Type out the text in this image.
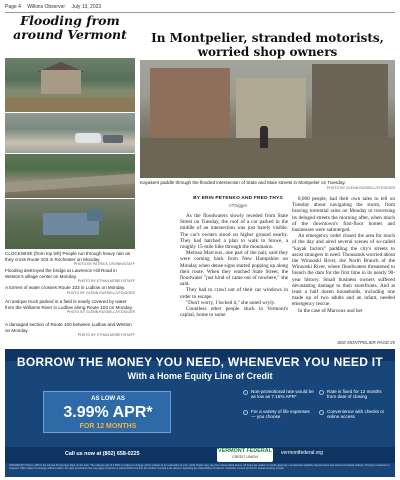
Page 4 Wilkins Observer July 13, 2023
Flooding from around Vermont
CLOCKWISE (from top left) People run through heavy rain as they cross Route 103 in Rochester on Monday.
PHOTO BY PATRICK CRONIN/STAFF
Flooding destroyed the bridge at Lawrence Hill Road in Weston's village center on Monday.
PHOTO BY ETHAN MOREY/STAFF
A torrent of water crosses Route 103 in Ludlow on Monday.
PHOTO BY GLENN RUSSELL/VTDIGGER
An antique truck parked in a field is nearly covered by water from the Williams River in Ludlow along Route 103 on Monday.
PHOTO BY GLENN RUSSELL/VTDIGGER
A damaged section of Route 100 between Ludlow and Weston on Monday.
PHOTO BY ETHAN MOREY/STAFF
In Montpelier, stranded motorists, worried shop owners
Kayakers paddle through the flooded intersection of State and Main streets in Montpelier on Tuesday.
PHOTO BY GLENN RUSSELL/VTDIGGER
BY ERIN PETENKO AND FRED THYS
VTDigger

As the floodwaters slowly receded from State Street on Tuesday, the roof of a car parked in the middle of an intersection was just barely visible. The car's owners stood on higher ground nearby. They had hatched a plan to walk to Stowe, a roughly 15-mile hike through the mountains.

Melissa Marcoux, one part of the pair, said they were coming back from New Hampshire on Monday when dense signs started popping up along their route. When they reached State Street, the floodwater "just kind of came out of nowhere," she said.

They had to crawl out of their car windows in order to escape.

"Don't worry, I locked it," she noted wryly.

Countless other people stuck in Vermont's capital, home to some

8,000 people, had their own tales to tell on Tuesday about navigating the storm, from braving torrential rains on Monday to traversing its deluged streets the morning after, when much of the downtown's first-floor homes and businesses were submerged.

An emergency order closed the area for much of the day and aired several scenes of so-called "kayak factors" paddling the city's streets to assist strangers in need. Thousands worried about the Winooski River, the North Branch of the Winooski River, where floodwaters threatened to breach the dam for the first time in its nearly 90-year history. Small business owners suffered devastating damage to their storefronts. And at least a half dozen households, including one made up of two adults and an infant, needed emergency rescue.

In the case of Marcoux and her

SEE MONTPELIER PAGE 25
BORROW THE MONEY YOU NEED, WHENEVER YOU NEED IT
With a Home Equity Line of Credit
AS LOW AS
3.99% APR*
FOR 12 MONTHS
Non-promotional rate would be as low as 7.15% APR*
Rate is fixed for 12 months from date of closing
For a variety of life expenses — you choose
Convenience with checks or online access
Call us now at (802) 658-0225	VERMONT FEDERAL
CREDIT UNION
vermontfederal.org
INSURED BY NCUA. APR is the Annual Percentage Rate on the loan. The interest rate of 3.99% is subject to change and is subject to an evaluation of your credit. Rates may vary from those listed above. All loans are subject to credit approval, membership eligibility requirements and Vermont Federal policies. Property insurance is required. Offer subject to change without notice. An early termination fee may apply if the line is closed within the first 36 months. Consult a tax advisor regarding the deductibility of interest. Federally insured by NCUA. Equal Housing Lender.
